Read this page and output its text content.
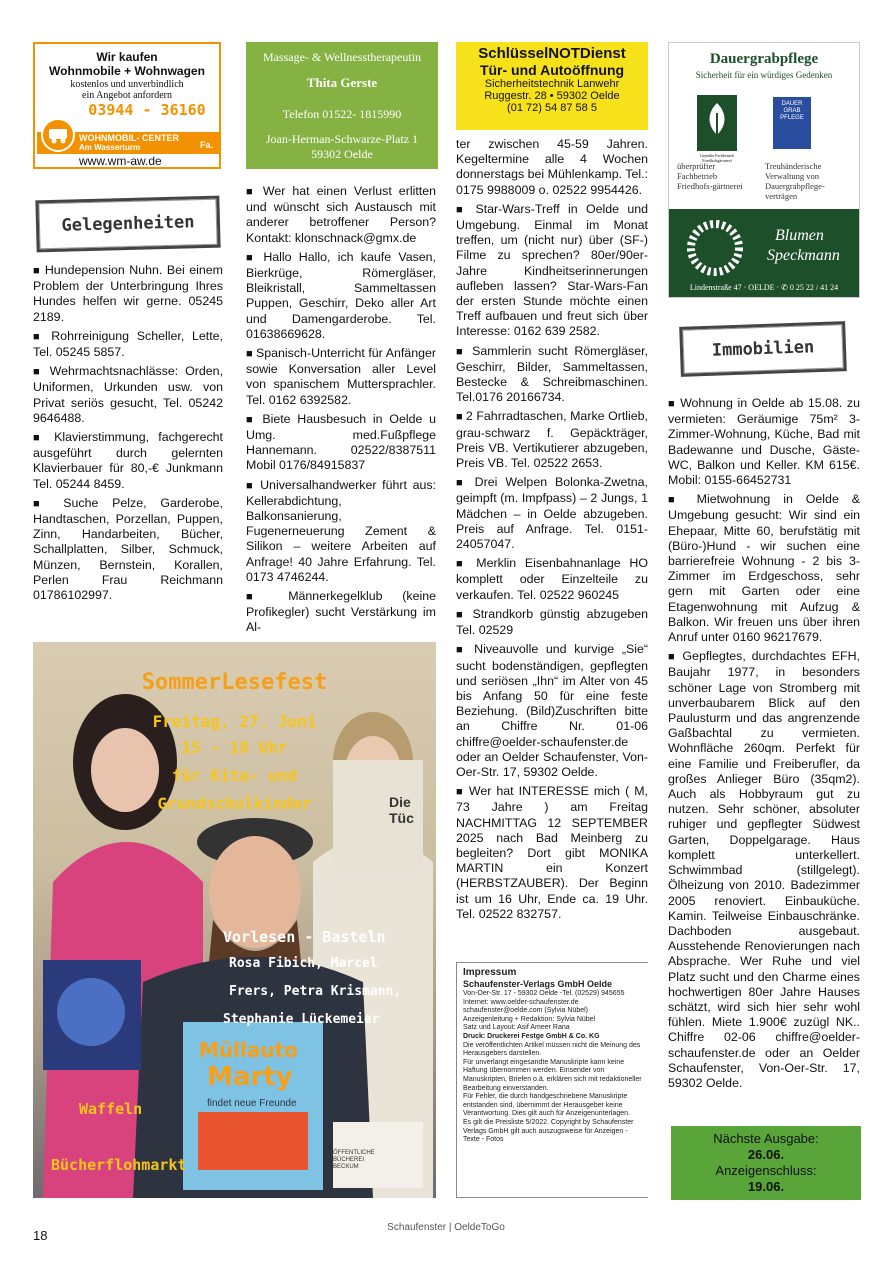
Wir kaufen
Wohnmobile + Wohnwagen
kostenlos und unverbindlich
ein Angebot anfordern
03944 - 36160
WOHNMOBIL- CENTER
Am Wasserturm	Fa.
www.wm-aw.de
Massage- & Wellnesstherapeutin
Thita Gerste
Telefon 01522- 1815990
Joan-Herman-Schwarze-Platz 1
59302 Oelde
SchlüsselNOTDienst
Tür- und Autoöffnung
Sicherheitstechnik Lanwehr
Ruggestr. 28 • 59302 Oelde
(01 72) 54 87 58 5
Dauergrabpflege
Sicherheit für ein würdiges Gedenken
Geprüfte Fachbetrieb Friedhofsgärtnerei
DAUER
GRAB
PFLEGE
überprüfter Fachbetrieb Friedhofs-gärtnerei
Treuhänderische Verwaltung von Dauergrabpflege-verträgen
Blumen
Speckmann
Lindenstraße 47 · OELDE · ✆ 0 25 22 / 41 24
Gelegenheiten
Immobilien

■ Hundepension Nuhn. Bei einem Problem der Unterbringung Ihres Hundes helfen wir gerne. 05245 2189.

■ Rohrreinigung Scheller, Lette, Tel. 05245 5857.

■ Wehrmachtsnachlässe: Orden, Uniformen, Urkunden usw. von Privat seriös gesucht, Tel. 05242 9646488.

■ Klavierstimmung, fachgerecht ausgeführt durch gelernten Klavierbauer für 80,-€ Junkmann Tel. 05244 8459.

■ Suche Pelze, Garderobe, Handtaschen, Porzellan, Puppen, Zinn, Handarbeiten, Bücher, Schallplatten, Silber, Schmuck, Münzen, Bernstein, Korallen, Perlen Frau Reichmann 01786102997.

■ Wer hat einen Verlust erlitten und wünscht sich Austausch mit anderer betroffener Person? Kontakt: klonschnack@gmx.de

■ Hallo Hallo, ich kaufe Vasen, Bierkrüge, Römergläser, Bleikristall, Sammeltassen Puppen, Geschirr, Deko aller Art und Damengarderobe. Tel. 01638669628.

■ Spanisch-Unterricht für Anfänger sowie Konversation aller Level von spanischem Muttersprachler. Tel. 0162 6392582.

■ Biete Hausbesuch in Oelde u Umg. med.Fußpflege Hannemann. 02522/8387511 Mobil 0176/84915837

■ Universalhandwerker führt aus: Kellerabdichtung, Balkonsanierung, Fugenerneuerung Zement & Silikon – weitere Arbeiten auf Anfrage! 40 Jahre Erfahrung. Tel. 0173 4746244.

■ Männerkegelklub (keine Profikegler) sucht Verstärkung im Al-

ter zwischen 45-59 Jahren. Kegeltermine alle 4 Wochen donnerstags bei Mühlenkamp. Tel.: 0175 9988009 o. 02522 9954426.

■ Star-Wars-Treff in Oelde und Umgebung. Einmal im Monat treffen, um (nicht nur) über (SF-) Filme zu sprechen? 80er/90er-Jahre Kindheitserinnerungen aufleben lassen? Star-Wars-Fan der ersten Stunde möchte einen Treff aufbauen und freut sich über Interesse: 0162 639 2582.

■ Sammlerin sucht Römergläser, Geschirr, Bilder, Sammeltassen, Bestecke & Schreibmaschinen. Tel.0176 20166734.

■ 2 Fahrradtaschen, Marke Ortlieb, grau-schwarz f. Gepäckträger, Preis VB. Vertikutierer abzugeben, Preis VB. Tel. 02522 2653.

■ Drei Welpen Bolonka-Zwetna, geimpft (m. Impfpass) – 2 Jungs, 1 Mädchen – in Oelde abzugeben. Preis auf Anfrage. Tel. 0151-24057047.

■ Merklin Eisenbahnanlage HO komplett oder Einzelteile zu verkaufen. Tel. 02522 960245

■ Strandkorb günstig abzugeben Tel. 02529

■ Niveauvolle und kurvige „Sie“ sucht bodenständigen, gepflegten und seriösen „Ihn“ im Alter von 45 bis Anfang 50 für eine feste Beziehung. (Bild)Zuschriften bitte an Chiffre Nr. 01-06 chiffre@oelder-schaufenster.de oder an Oelder Schaufenster, Von-Oer-Str. 17, 59302 Oelde.

■ Wer hat INTERESSE mich ( M, 73 Jahre ) am Freitag NACHMITTAG 12 SEPTEMBER 2025 nach Bad Meinberg zu begleiten? Dort gibt MONIKA MARTIN ein Konzert (HERBSTZAUBER). Der Beginn ist um 16 Uhr, Ende ca. 19 Uhr. Tel. 02522 832757.

■ Wohnung in Oelde ab 15.08. zu vermieten: Geräumige 75m² 3-Zimmer-Wohnung, Küche, Bad mit Badewanne und Dusche, Gäste-WC, Balkon und Keller. KM 615€. Mobil: 0155-66452731

■ Mietwohnung in Oelde & Umgebung gesucht: Wir sind ein Ehepaar, Mitte 60, berufstätig mit (Büro-)Hund - wir suchen eine barrierefreie Wohnung - 2 bis 3-Zimmer im Erdgeschoss, sehr gern mit Garten oder eine Etagenwohnung mit Aufzug & Balkon. Wir freuen uns über ihren Anruf unter 0160 96217679.

■ Gepflegtes, durchdachtes EFH, Baujahr 1977, in besonders schöner Lage von Stromberg mit unverbaubarem Blick auf den Paulusturm und das angrenzende Gaßbachtal zu vermieten. Wohnfläche 260qm. Perfekt für eine Familie und Freiberufler, da großes Anlieger Büro (35qm2). Auch als Hobbyraum gut zu nutzen. Sehr schöner, absoluter ruhiger und gepflegter Südwest Garten, Doppelgarage. Haus komplett unterkellert. Schwimmbad (stillgelegt). Ölheizung von 2010. Badezimmer 2005 renoviert. Einbauküche. Kamin. Teilweise Einbauschränke. Dachboden ausgebaut. Ausstehende Renovierungen nach Absprache. Wer Ruhe und viel Platz sucht und den Charme eines hochwertigen 80er Jahre Hauses schätzt, wird sich hier sehr wohl fühlen. Miete 1.900€ zuzügl NK.. Chiffre 02-06 chiffre@oelder-schaufenster.de oder an Oelder Schaufenster, Von-Oer-Str. 17, 59302 Oelde.

SommerLesefest
Freitag, 27. Juni
15 - 18 Uhr
für Kita- und
Grundschulkinder
Vorlesen - Basteln
Rosa Fibich, Marcel
Frers, Petra Krismann,
Stephanie Lückemeier
Müllauto
Marty
findet neue Freunde
Die Tüc
Waffeln
Bücherflohmarkt
ÖFFENTLICHE
BÜCHEREI
BECKUM
Impressum
Schaufenster-Verlags GmbH Oelde
Von-Oer-Str. 17 - 59302 Oelde -Tel. (02529) 945655
Internet: www.oelder-schaufenster.de
schaufenster@oelde.com (Sylvia Nübel)
Anzeigenleitung + Redaktion: Sylvia Nübel
Satz und Layout: Asif Ameer Rana
Druck: Druckerei Festge GmbH & Co. KG
Die veröffentlichten Artikel müssen nicht die Meinung des Herausgebers darstellen.
Für unverlangt eingesandte Manuskripte kann keine Haftung übernommen werden. Einsender von Manuskripten, Briefen o.ä. erklären sich mit redaktioneller Bearbeitung einverstanden.
Für Fehler, die durch handgeschriebene Manuskripte entstanden sind, übernimmt der Herausgeber keine Verantwortung. Dies gilt auch für Anzeigenunterlagen.
Es gilt die Preisliste 5/2022. Copyright by Schaufenster Verlags GmbH gilt auch auszugsweise für Anzeigen - Texte - Fotos	Nächste Ausgabe:
26.06.
Anzeigenschluss:
19.06.
18
Schaufenster | OeldeToGo
